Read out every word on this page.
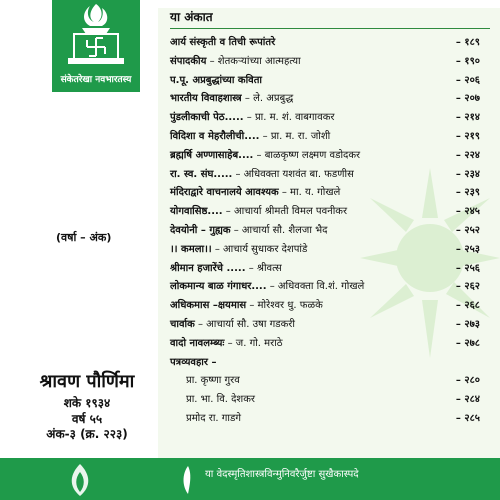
संकेतरेखा नवभारतस्य
(वर्षा – अंक)
श्रावण पौर्णिमा
शके १९३४
वर्ष ५५
अंक-३ (क्र. २२३)
या अंकात
आर्य संस्कृती व तिची रूपांतरे	– १८९
संपादकीय – शेतकऱ्यांच्या आत्महत्या	– १९०
प.पू. अप्रबुद्धांच्या कविता	– २०६
भारतीय विवाहशास्त्र – ले. अप्रबुद्ध	– २०७
पुंडलीकाची पेठ..... – प्रा. म. शं. वाबगावकर	– २१४
विदिशा व मेहरौलीची.... – प्रा. म. रा. जोशी	– २१९
ब्रह्मर्षि अण्णासाहेब.... – बाळकृष्ण लक्ष्मण वडोदकर	– २२४
रा. स्व. संघ..... – अधिवक्ता यशवंत बा. फडणीस	– २३४
मंदिराद्वारे वाचनालये आवश्यक – मा. य. गोखले	– २३९
योगवासिष्ठ.... – आचार्या श्रीमती विमल पवनीकर	– २४५
देवयोनी – गुह्यक – आचार्या सौ. शैलजा भैद	– २५२
।। कमला।। – आचार्य सुधाकर देशपांडे	– २५३
श्रीमान हजारेंचे ..... – श्रीवत्स	– २५६
लोकमान्य बाळ गंगाधर.... – अधिवक्ता वि.शं. गोखले	– २६२
अधिकमास –क्षयमास – मोरेश्वर धु. फळके	– २६८
चार्वाक – आचार्या सौ. उषा गडकरी	– २७३
वादो नावलम्ब्यः – ज. गो. मराठे	– २७८
पत्रव्यवहार –
प्रा. कृष्णा गुरव	– २८०
प्रा. भा. वि. देशकर	– २८४
प्रमोद रा. गाडगे	– २८५
या वेदस्मृतिशास्त्रविन्मुनिवरैर्जुष्टा सुखैकास्पदे
